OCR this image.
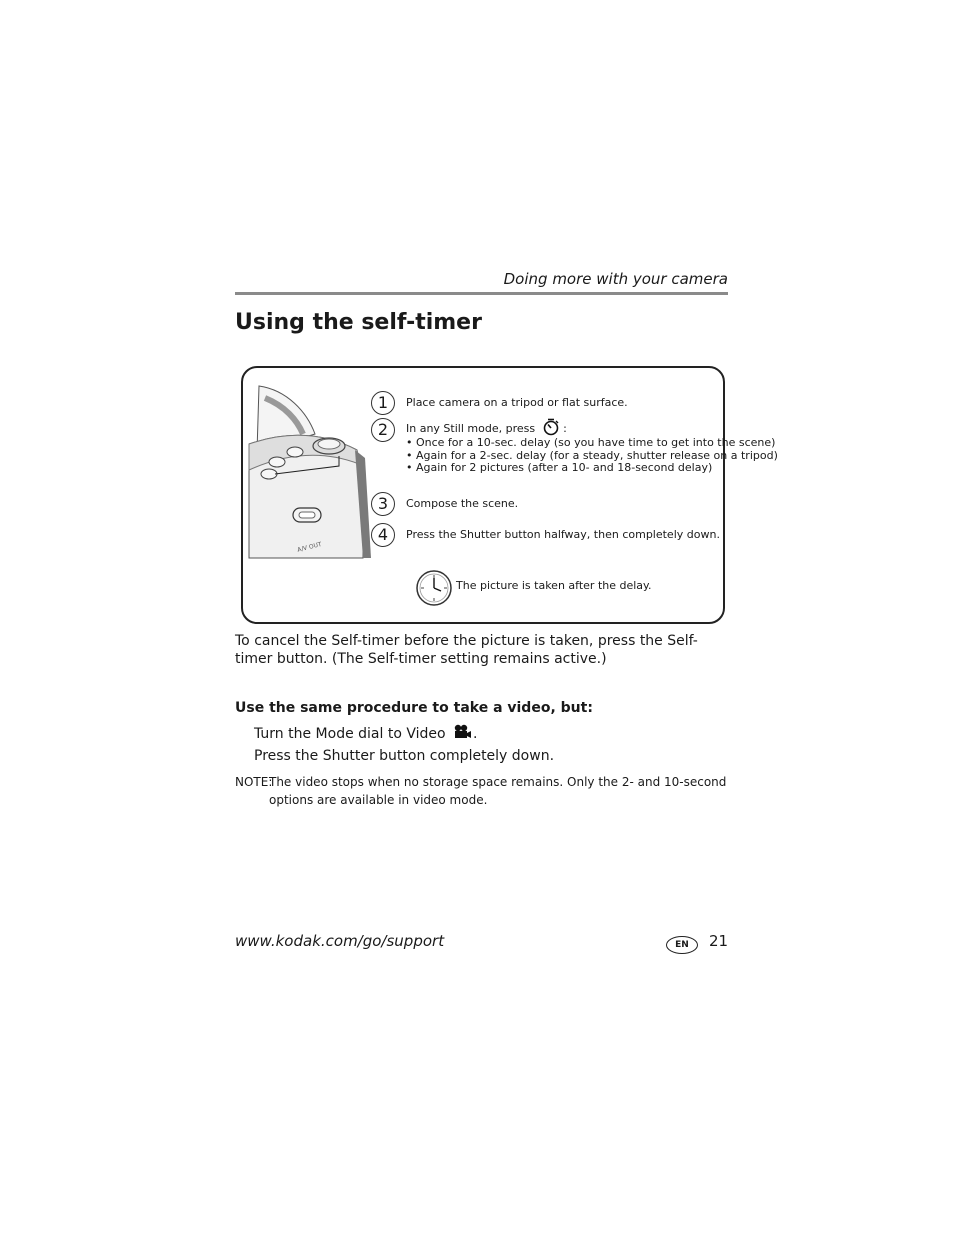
Doing more with your camera
Using the self-timer
A/V OUT
1	Place camera on a tripod or flat surface.
2	In any Still mode, press	:
• Once for a 10-sec. delay (so you have time to get into the scene)
• Again for a 2-sec. delay (for a steady, shutter release on a tripod)
• Again for 2 pictures (after a 10- and 18-second delay)
3	Compose the scene.
4	Press the Shutter button halfway, then completely down.
The picture is taken after the delay.

To cancel the Self-timer before the picture is taken, press the Self-timer button. (The Self-timer setting remains active.)

Use the same procedure to take a video, but:
Turn the Mode dial to Video .
Press the Shutter button completely down.
NOTE:
The video stops when no storage space remains. Only the 2- and 10-second options are available in video mode.
www.kodak.com/go/support	EN	21
